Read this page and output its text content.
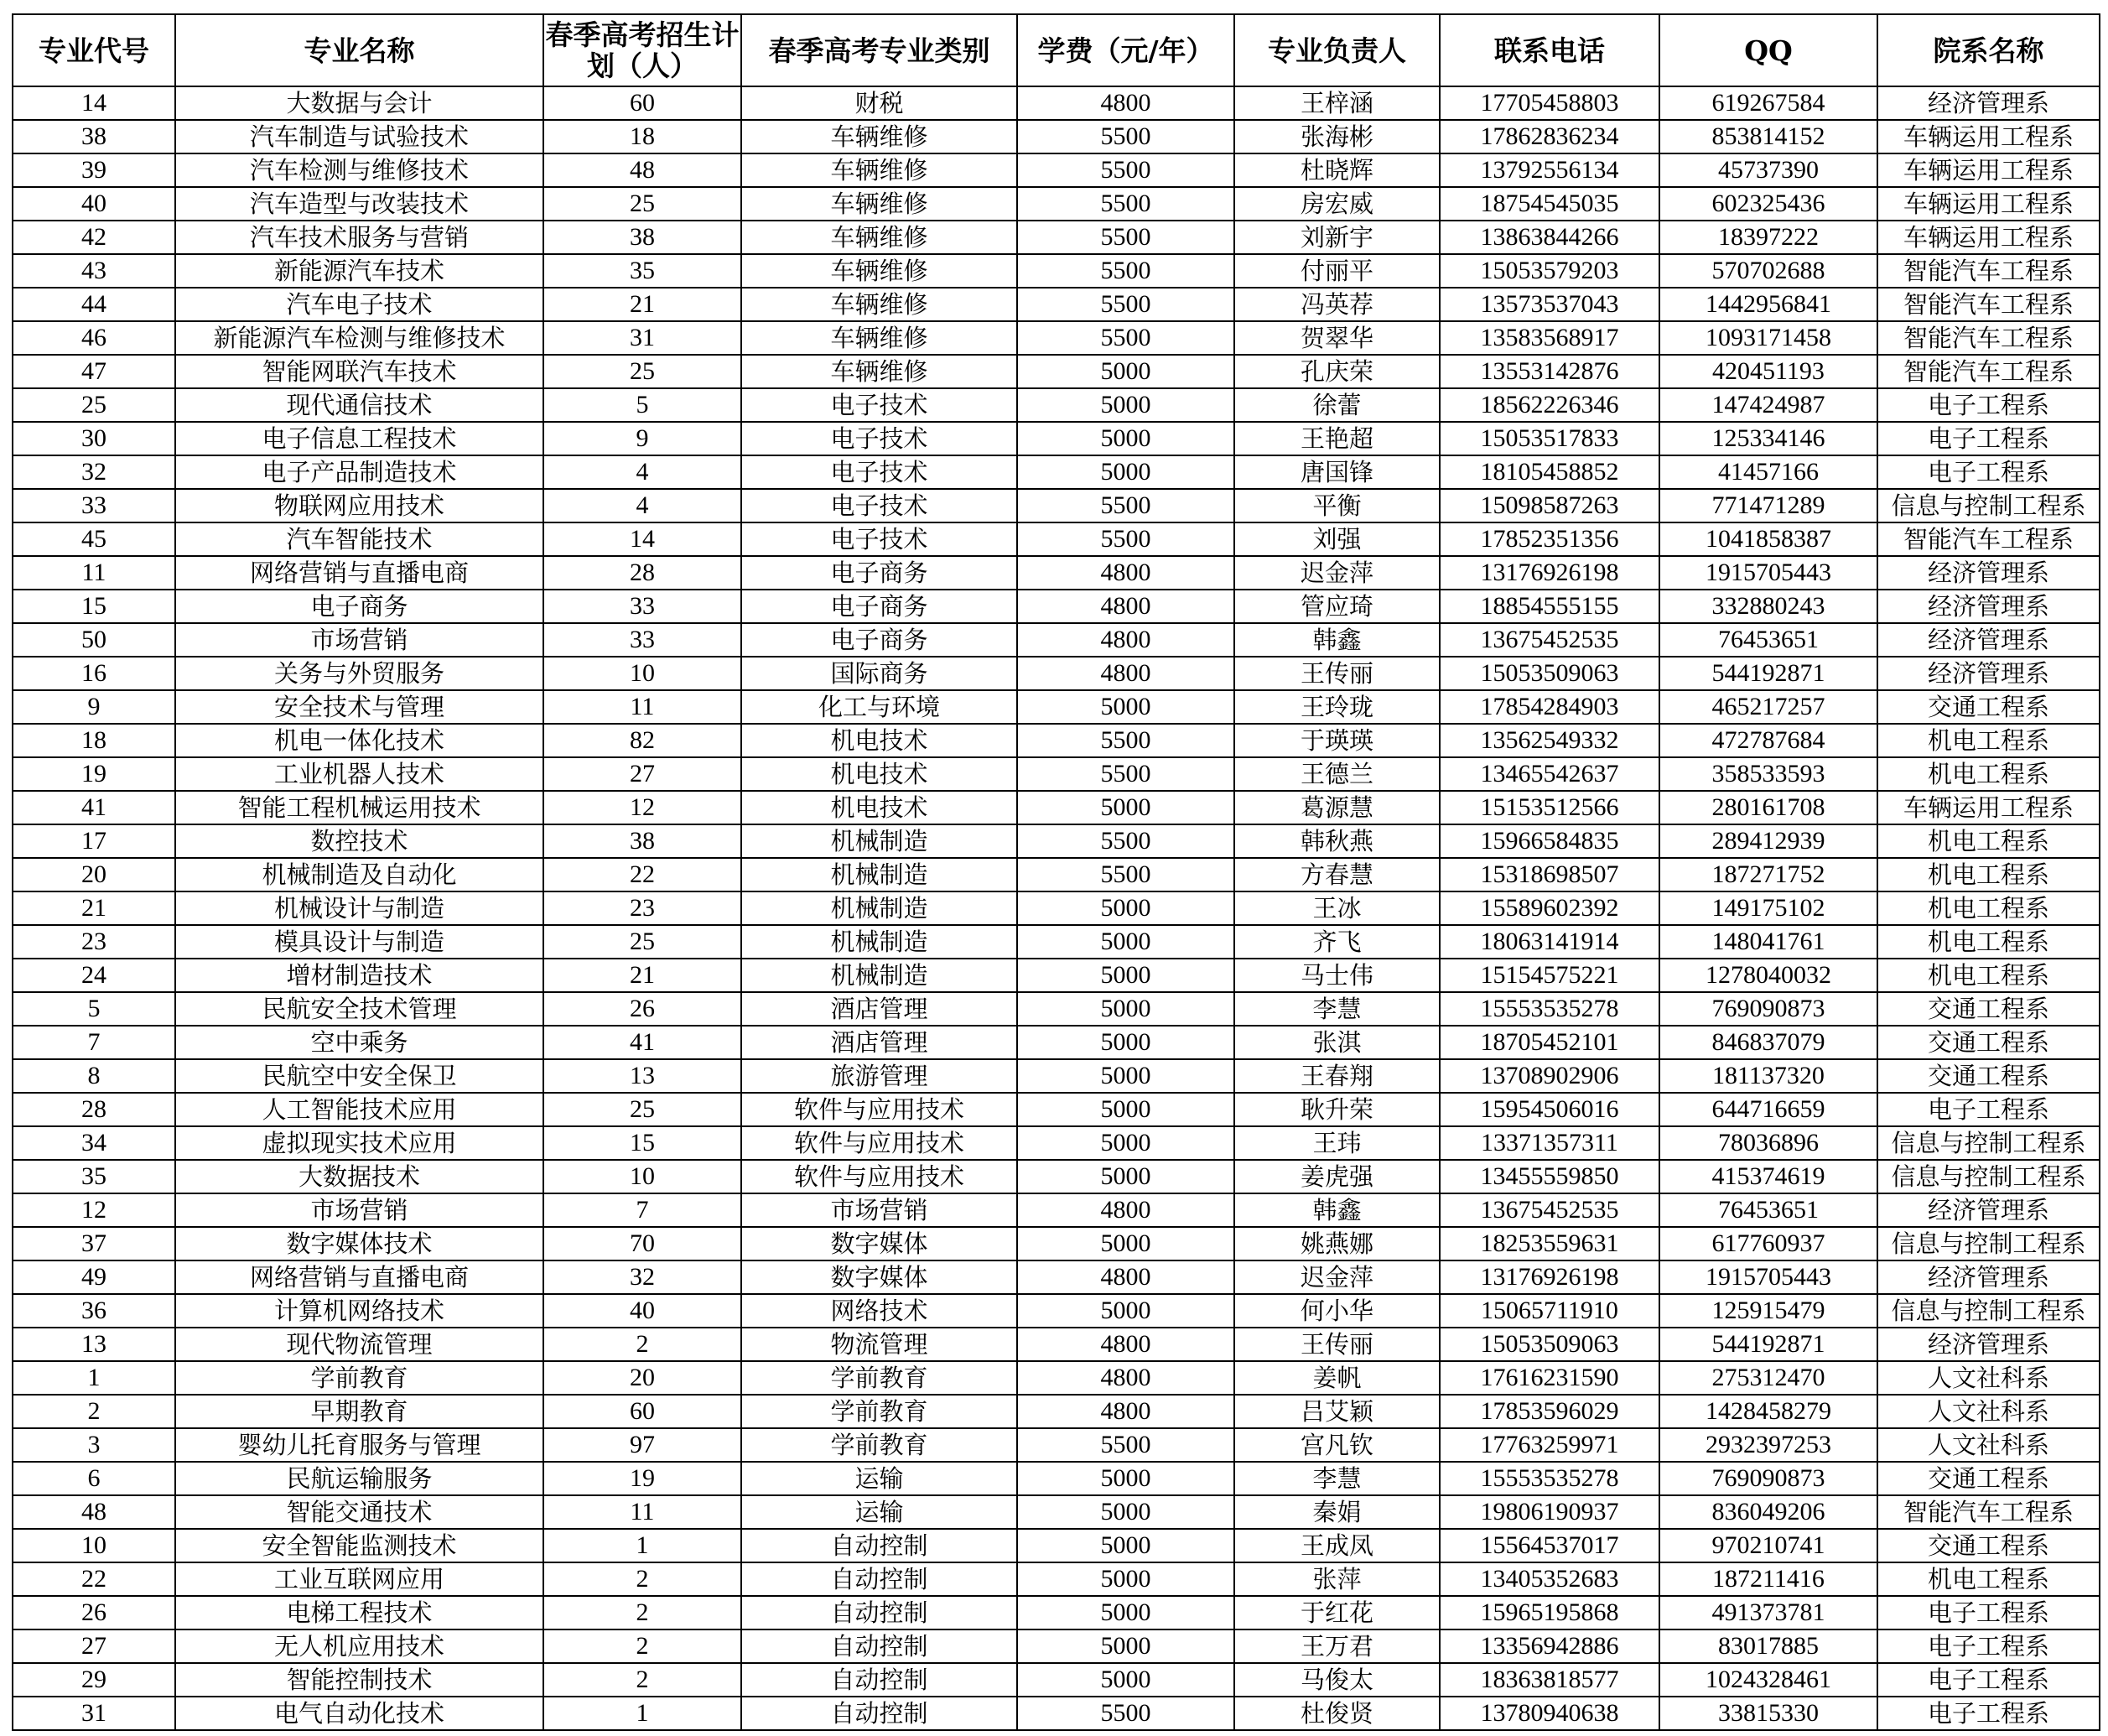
专业代号	专业名称	春季高考招生计划（人）	春季高考专业类别	学费（元/年）	专业负责人	联系电话	QQ	院系名称
14	大数据与会计	60	财税	4800	王梓涵	17705458803	619267584	经济管理系
38	汽车制造与试验技术	18	车辆维修	5500	张海彬	17862836234	853814152	车辆运用工程系
39	汽车检测与维修技术	48	车辆维修	5500	杜晓辉	13792556134	45737390	车辆运用工程系
40	汽车造型与改装技术	25	车辆维修	5500	房宏威	18754545035	602325436	车辆运用工程系
42	汽车技术服务与营销	38	车辆维修	5500	刘新宇	13863844266	18397222	车辆运用工程系
43	新能源汽车技术	35	车辆维修	5500	付丽平	15053579203	570702688	智能汽车工程系
44	汽车电子技术	21	车辆维修	5500	冯英荐	13573537043	1442956841	智能汽车工程系
46	新能源汽车检测与维修技术	31	车辆维修	5500	贺翠华	13583568917	1093171458	智能汽车工程系
47	智能网联汽车技术	25	车辆维修	5000	孔庆荣	13553142876	420451193	智能汽车工程系
25	现代通信技术	5	电子技术	5000	徐蕾	18562226346	147424987	电子工程系
30	电子信息工程技术	9	电子技术	5000	王艳超	15053517833	125334146	电子工程系
32	电子产品制造技术	4	电子技术	5000	唐国锋	18105458852	41457166	电子工程系
33	物联网应用技术	4	电子技术	5500	平衡	15098587263	771471289	信息与控制工程系
45	汽车智能技术	14	电子技术	5500	刘强	17852351356	1041858387	智能汽车工程系
11	网络营销与直播电商	28	电子商务	4800	迟金萍	13176926198	1915705443	经济管理系
15	电子商务	33	电子商务	4800	管应琦	18854555155	332880243	经济管理系
50	市场营销	33	电子商务	4800	韩鑫	13675452535	76453651	经济管理系
16	关务与外贸服务	10	国际商务	4800	王传丽	15053509063	544192871	经济管理系
9	安全技术与管理	11	化工与环境	5000	王玲珑	17854284903	465217257	交通工程系
18	机电一体化技术	82	机电技术	5500	于瑛瑛	13562549332	472787684	机电工程系
19	工业机器人技术	27	机电技术	5500	王德兰	13465542637	358533593	机电工程系
41	智能工程机械运用技术	12	机电技术	5000	葛源慧	15153512566	280161708	车辆运用工程系
17	数控技术	38	机械制造	5500	韩秋燕	15966584835	289412939	机电工程系
20	机械制造及自动化	22	机械制造	5500	方春慧	15318698507	187271752	机电工程系
21	机械设计与制造	23	机械制造	5000	王冰	15589602392	149175102	机电工程系
23	模具设计与制造	25	机械制造	5000	齐飞	18063141914	148041761	机电工程系
24	增材制造技术	21	机械制造	5000	马士伟	15154575221	1278040032	机电工程系
5	民航安全技术管理	26	酒店管理	5000	李慧	15553535278	769090873	交通工程系
7	空中乘务	41	酒店管理	5000	张淇	18705452101	846837079	交通工程系
8	民航空中安全保卫	13	旅游管理	5000	王春翔	13708902906	181137320	交通工程系
28	人工智能技术应用	25	软件与应用技术	5000	耿升荣	15954506016	644716659	电子工程系
34	虚拟现实技术应用	15	软件与应用技术	5000	王玮	13371357311	78036896	信息与控制工程系
35	大数据技术	10	软件与应用技术	5000	姜虎强	13455559850	415374619	信息与控制工程系
12	市场营销	7	市场营销	4800	韩鑫	13675452535	76453651	经济管理系
37	数字媒体技术	70	数字媒体	5000	姚燕娜	18253559631	617760937	信息与控制工程系
49	网络营销与直播电商	32	数字媒体	4800	迟金萍	13176926198	1915705443	经济管理系
36	计算机网络技术	40	网络技术	5000	何小华	15065711910	125915479	信息与控制工程系
13	现代物流管理	2	物流管理	4800	王传丽	15053509063	544192871	经济管理系
1	学前教育	20	学前教育	4800	姜帆	17616231590	275312470	人文社科系
2	早期教育	60	学前教育	4800	吕艾颖	17853596029	1428458279	人文社科系
3	婴幼儿托育服务与管理	97	学前教育	5500	宫凡钦	17763259971	2932397253	人文社科系
6	民航运输服务	19	运输	5000	李慧	15553535278	769090873	交通工程系
48	智能交通技术	11	运输	5000	秦娟	19806190937	836049206	智能汽车工程系
10	安全智能监测技术	1	自动控制	5000	王成凤	15564537017	970210741	交通工程系
22	工业互联网应用	2	自动控制	5000	张萍	13405352683	187211416	机电工程系
26	电梯工程技术	2	自动控制	5000	于红花	15965195868	491373781	电子工程系
27	无人机应用技术	2	自动控制	5000	王万君	13356942886	83017885	电子工程系
29	智能控制技术	2	自动控制	5000	马俊太	18363818577	1024328461	电子工程系
31	电气自动化技术	1	自动控制	5500	杜俊贤	13780940638	33815330	电子工程系
